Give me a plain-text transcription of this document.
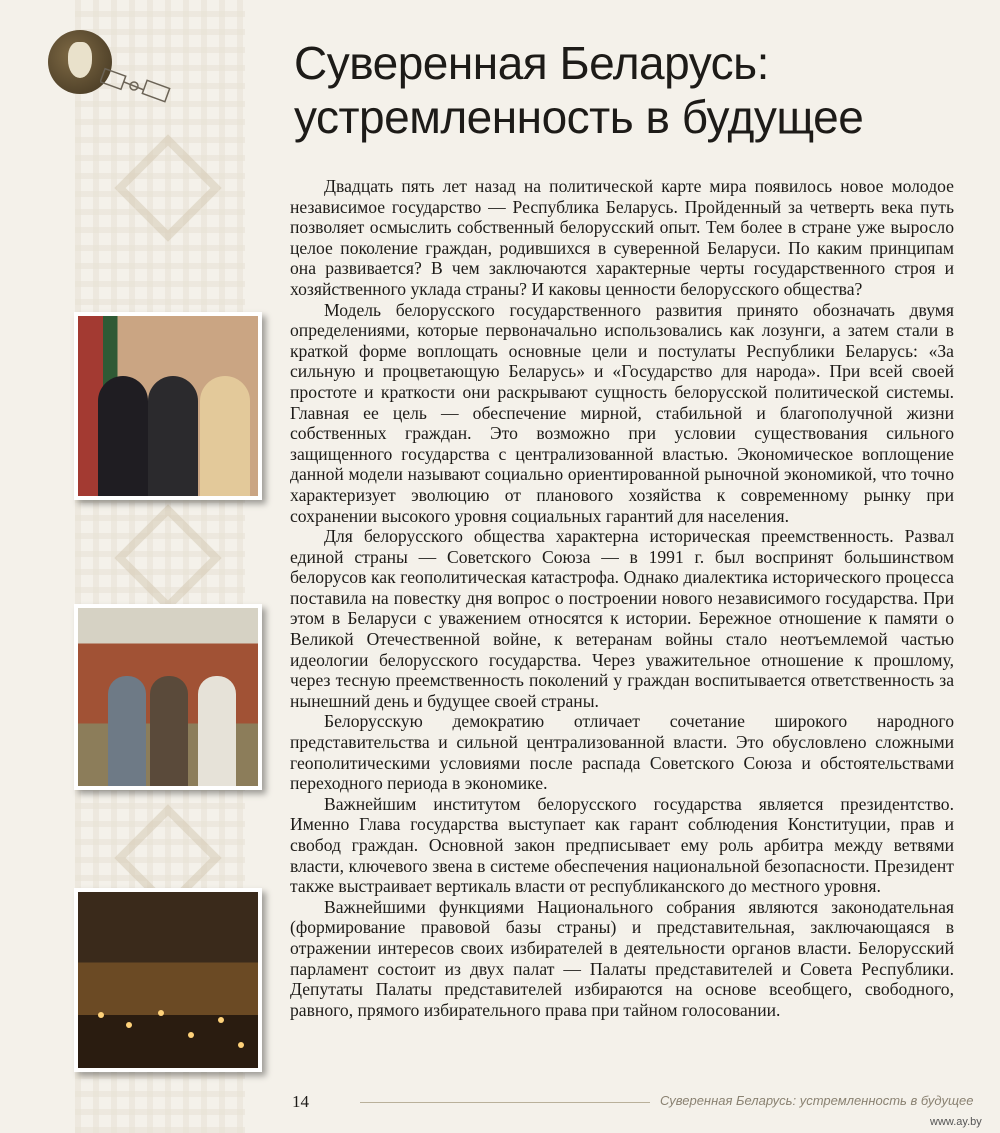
Суверенная Беларусь:
устремленность в будущее

Двадцать пять лет назад на политической карте мира появилось новое молодое независимое государство — Республика Беларусь. Пройденный за четверть века путь позволяет осмыслить собственный белорусский опыт. Тем более в стране уже выросло целое поколение граждан, родившихся в суверенной Беларуси. По каким принципам она развивается? В чем заключаются характерные черты государственного строя и хозяйственного уклада страны? И каковы ценности белорусского общества?

Модель белорусского государственного развития принято обозначать двумя определениями, которые первоначально использовались как лозунги, а затем стали в краткой форме воплощать основные цели и постулаты Республики Беларусь: «За сильную и процветающую Беларусь» и «Государство для народа». При всей своей простоте и краткости они раскрывают сущность белорусской политической системы. Главная ее цель — обеспечение мирной, стабильной и благополучной жизни собственных граждан. Это возможно при условии существования сильного защищенного государства с централизованной властью. Экономическое воплощение данной модели называют социально ориентированной рыночной экономикой, что точно характеризует эволюцию от планового хозяйства к современному рынку при сохранении высокого уровня социальных гарантий для населения.

Для белорусского общества характерна историческая преемственность. Развал единой страны — Советского Союза — в 1991 г. был воспринят большинством белорусов как геополитическая катастрофа. Однако диалектика исторического процесса поставила на повестку дня вопрос о построении нового независимого государства. При этом в Беларуси с уважением относятся к истории. Бережное отношение к памяти о Великой Отечественной войне, к ветеранам войны стало неотъемлемой частью идеологии белорусского государства. Через уважительное отношение к прошлому, через тесную преемственность поколений у граждан воспитывается ответственность за нынешний день и будущее своей страны.

Белорусскую демократию отличает сочетание широкого народного представительства и сильной централизованной власти. Это обусловлено сложными геополитическими условиями после распада Советского Союза и обстоятельствами переходного периода в экономике.

Важнейшим институтом белорусского государства является президентство. Именно Глава государства выступает как гарант соблюдения Конституции, прав и свобод граждан. Основной закон предписывает ему роль арбитра между ветвями власти, ключевого звена в системе обеспечения национальной безопасности. Президент также выстраивает вертикаль власти от республиканского до местного уровня.

Важнейшими функциями Национального собрания являются законодательная (формирование правовой базы страны) и представительная, заключающаяся в отражении интересов своих избирателей в деятельности органов власти. Белорусский парламент состоит из двух палат — Палаты представителей и Совета Республики. Депутаты Палаты представителей избираются на основе всеобщего, свободного, равного, прямого избирательного права при тайном голосовании.

14	Суверенная Беларусь: устремленность в будущее
www.ay.by
